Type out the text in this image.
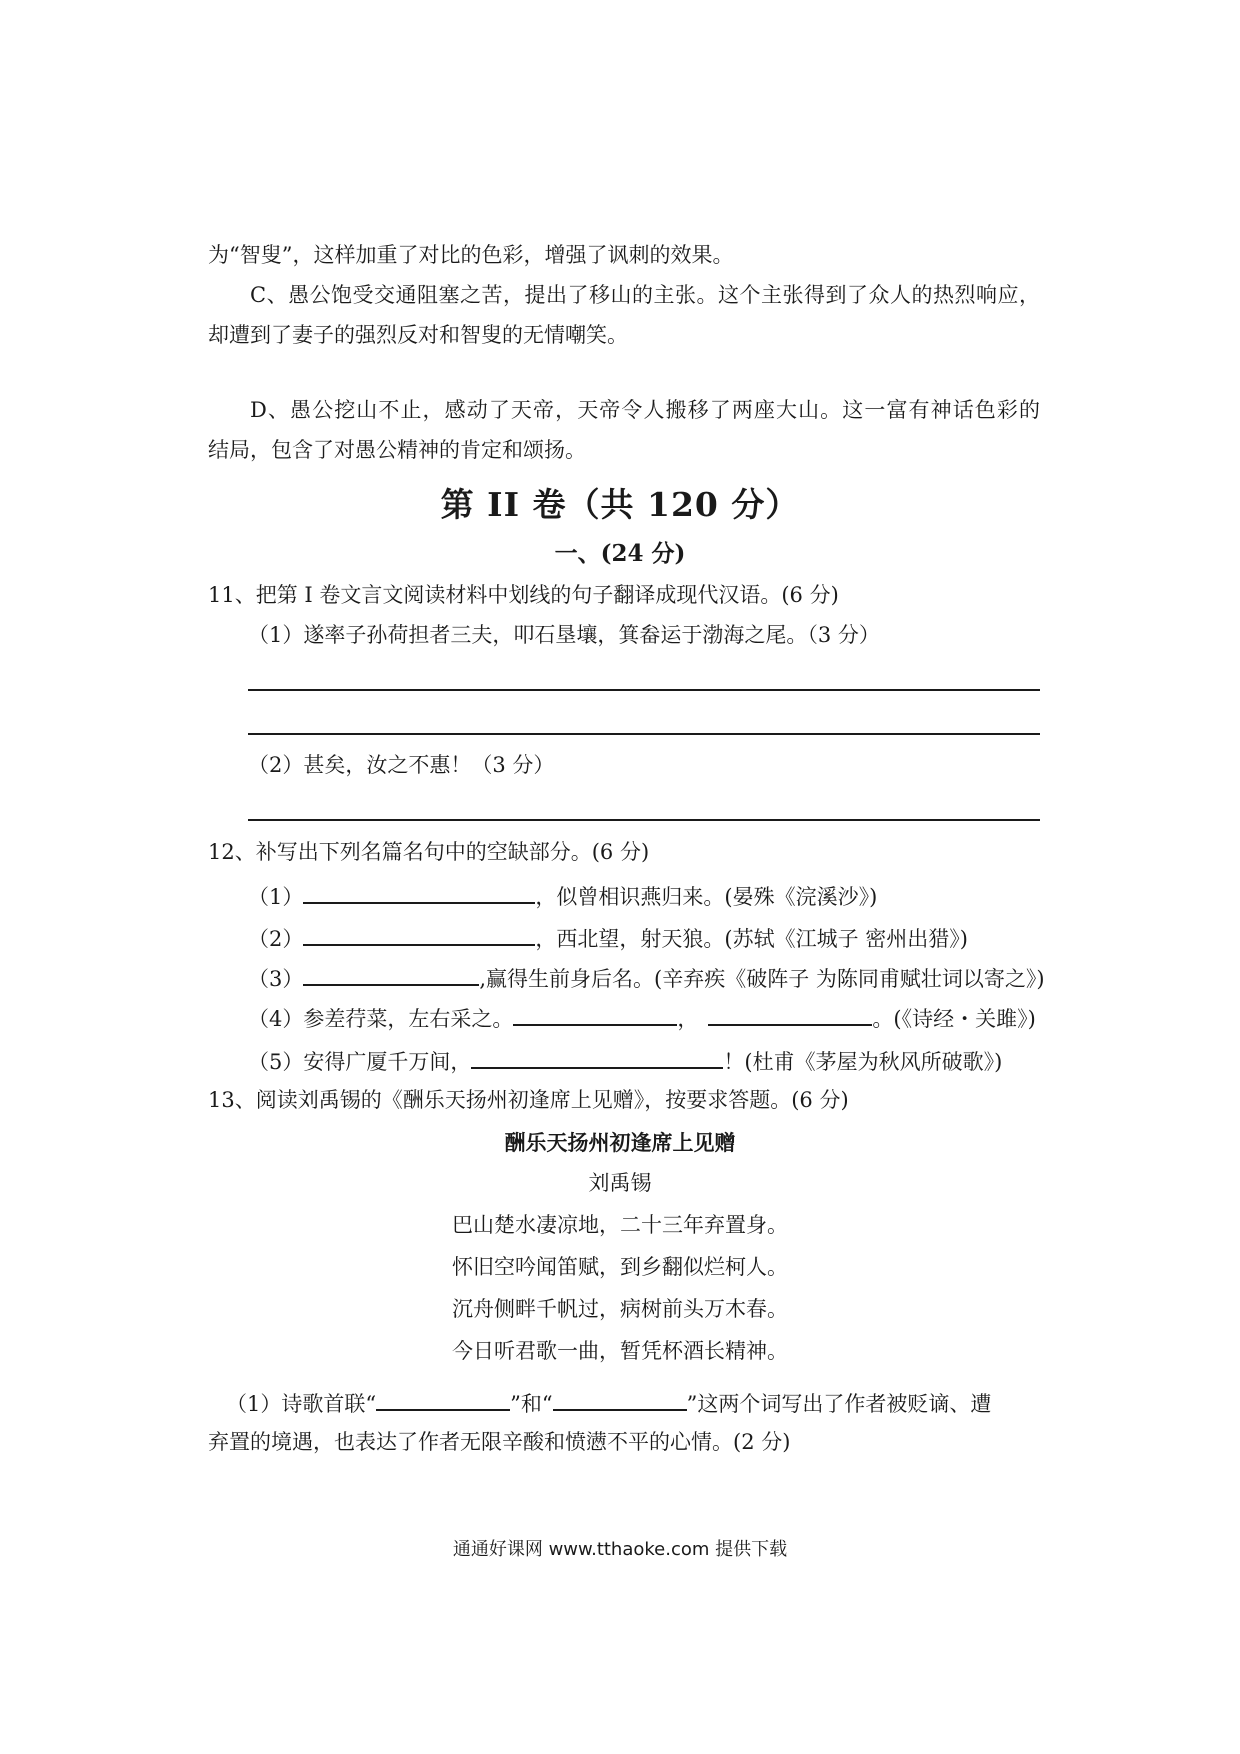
为“智叟”，这样加重了对比的色彩，增强了讽刺的效果。
C、愚公饱受交通阻塞之苦，提出了移山的主张。这个主张得到了众人的热烈响应，
却遭到了妻子的强烈反对和智叟的无情嘲笑。
D、愚公挖山不止，感动了天帝，天帝令人搬移了两座大山。这一富有神话色彩的
结局，包含了对愚公精神的肯定和颂扬。
第 II 卷（共 120 分）
一、(24 分)
11、把第 I 卷文言文阅读材料中划线的句子翻译成现代汉语。(6 分)
（1）遂率子孙荷担者三夫，叩石垦壤，箕畚运于渤海之尾。（3 分）
（2）甚矣，汝之不惠！（3 分）
12、补写出下列名篇名句中的空缺部分。(6 分)
（1）	，似曾相识燕归来。(晏殊《浣溪沙》)
（2）	，西北望，射天狼。(苏轼《江城子 密州出猎》)
（3）	,赢得生前身后名。(辛弃疾《破阵子 为陈同甫赋壮词以寄之》)
（4）参差荇菜，左右采之。	，	。(《诗经・关雎》)
（5）安得广厦千万间，	！(杜甫《茅屋为秋风所破歌》)
13、阅读刘禹锡的《酬乐天扬州初逢席上见赠》，按要求答题。(6 分)
酬乐天扬州初逢席上见赠
刘禹锡
巴山楚水凄凉地，二十三年弃置身。
怀旧空吟闻笛赋，到乡翻似烂柯人。
沉舟侧畔千帆过，病树前头万木春。
今日听君歌一曲，暂凭杯酒长精神。
（1）诗歌首联“	”和“	”这两个词写出了作者被贬谪、遭
弃置的境遇，也表达了作者无限辛酸和愤懑不平的心情。(2 分)
通通好课网 www.tthaoke.com 提供下载
